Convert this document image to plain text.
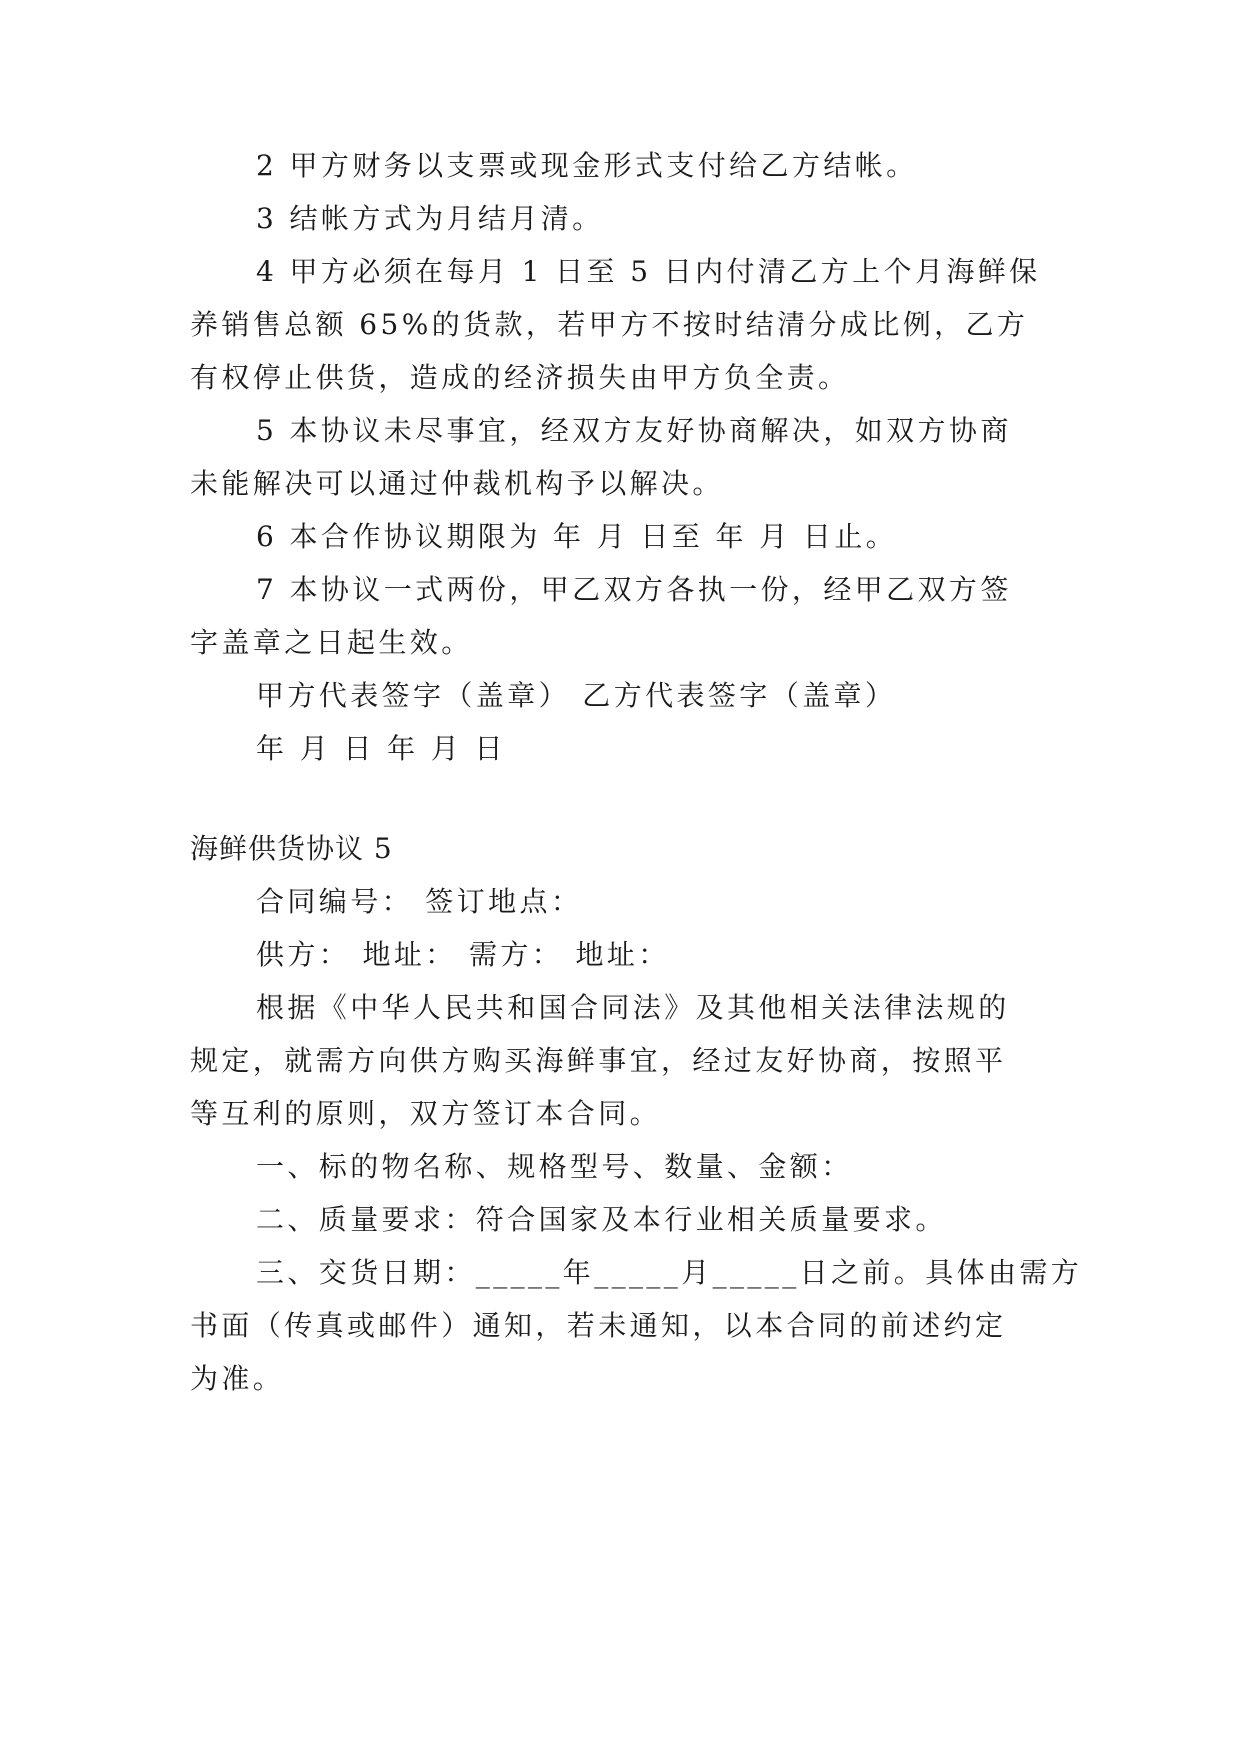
2 甲方财务以支票或现金形式支付给乙方结帐。
3 结帐方式为月结月清。
4 甲方必须在每月 1 日至 5 日内付清乙方上个月海鲜保
养销售总额 65%的货款，若甲方不按时结清分成比例，乙方
有权停止供货，造成的经济损失由甲方负全责。
5 本协议未尽事宜，经双方友好协商解决，如双方协商
未能解决可以通过仲裁机构予以解决。
6 本合作协议期限为 年 月 日至 年 月 日止。
7 本协议一式两份，甲乙双方各执一份，经甲乙双方签
字盖章之日起生效。
甲方代表签字（盖章） 乙方代表签字（盖章）
年 月 日 年 月 日
海鲜供货协议 5
合同编号： 签订地点：
供方： 地址： 需方： 地址：
根据《中华人民共和国合同法》及其他相关法律法规的
规定，就需方向供方购买海鲜事宜，经过友好协商，按照平
等互利的原则，双方签订本合同。
一、标的物名称、规格型号、数量、金额：
二、质量要求：符合国家及本行业相关质量要求。
三、交货日期：_____年_____月_____日之前。具体由需方
书面（传真或邮件）通知，若未通知，以本合同的前述约定
为准。
